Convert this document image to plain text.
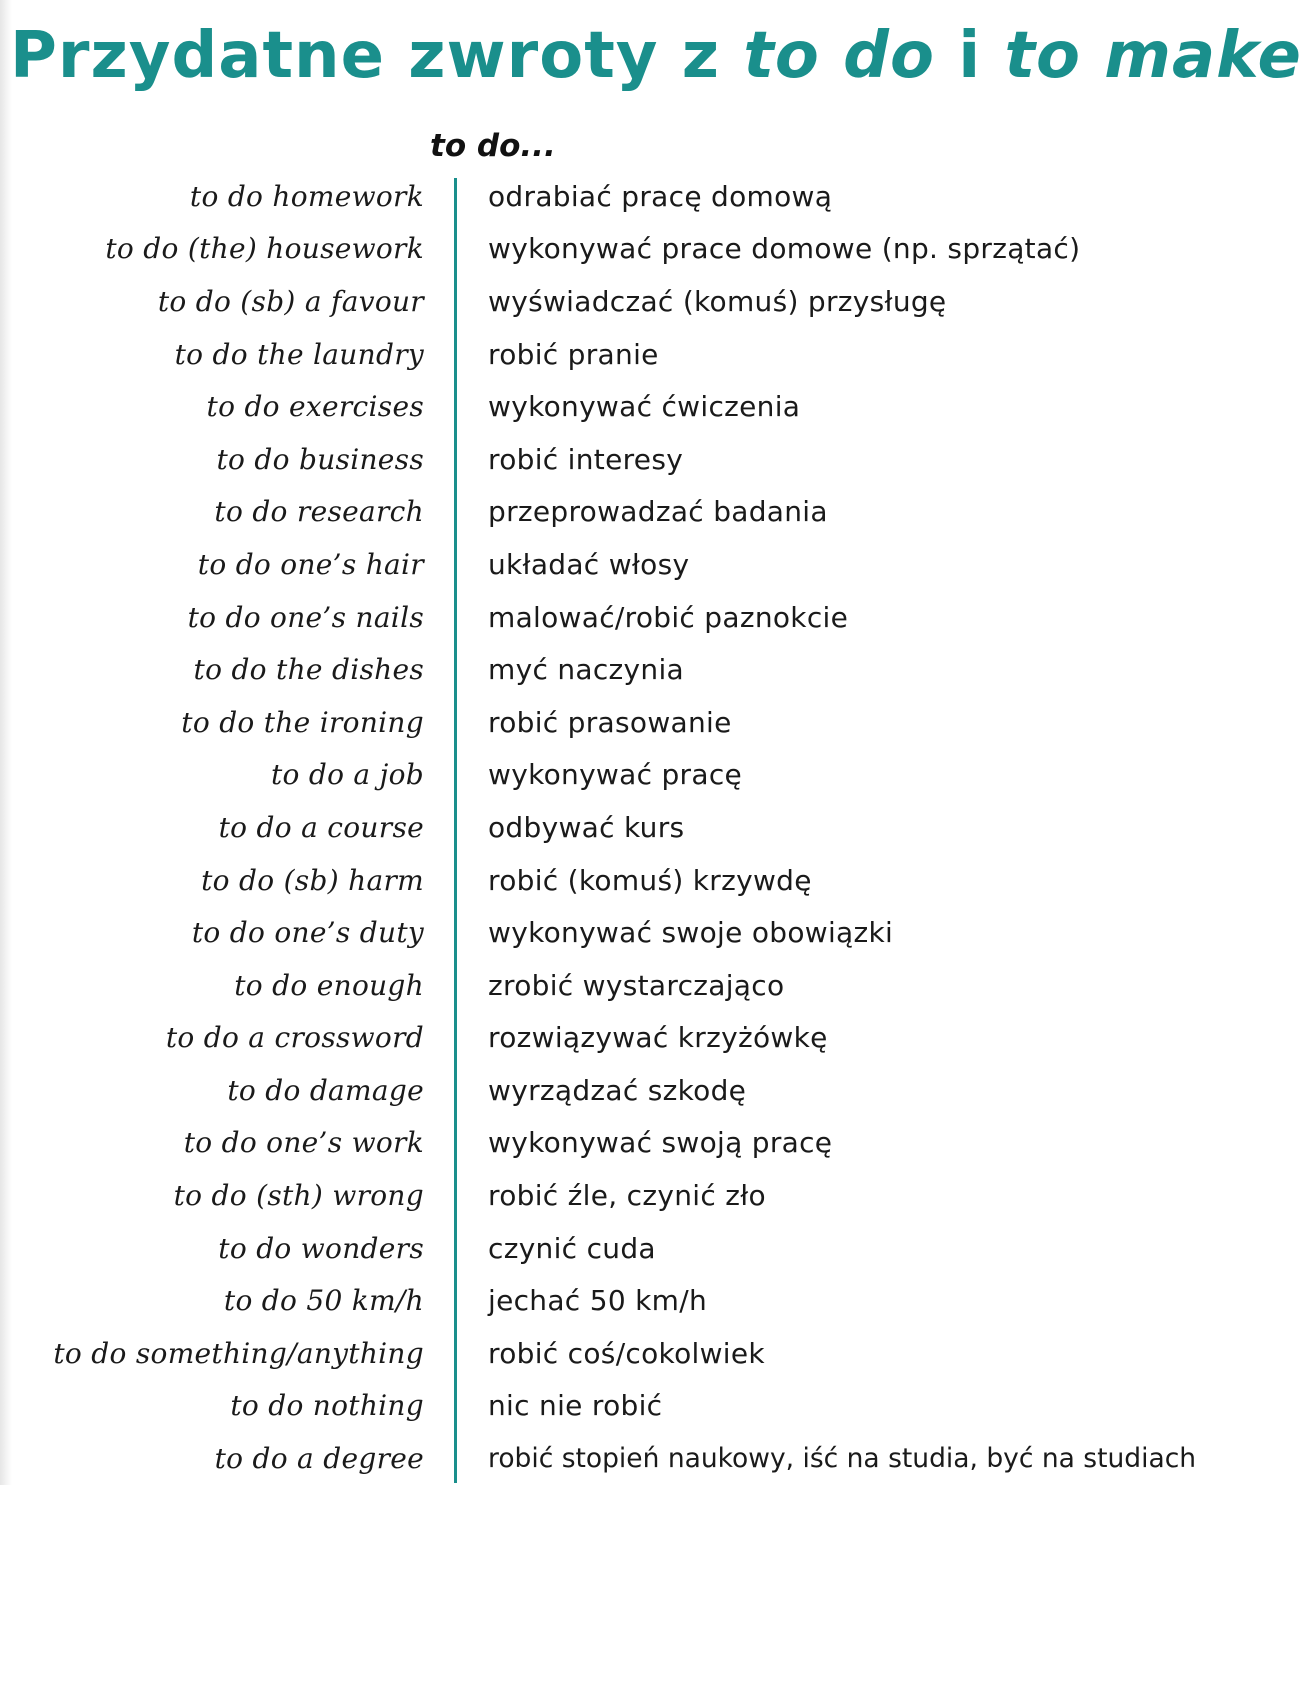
Przydatne zwroty z to do i to make
to do...
to do homework odrabiać pracę domową
to do (the) housework wykonywać prace domowe (np. sprzątać)
to do (sb) a favour wyświadczać (komuś) przysługę
to do the laundry robić pranie
to do exercises wykonywać ćwiczenia
to do business robić interesy
to do research przeprowadzać badania
to do one’s hair układać włosy
to do one’s nails malować/robić paznokcie
to do the dishes myć naczynia
to do the ironing robić prasowanie
to do a job wykonywać pracę
to do a course odbywać kurs
to do (sb) harm robić (komuś) krzywdę
to do one’s duty wykonywać swoje obowiązki
to do enough zrobić wystarczająco
to do a crossword rozwiązywać krzyżówkę
to do damage wyrządzać szkodę
to do one’s work wykonywać swoją pracę
to do (sth) wrong robić źle, czynić zło
to do wonders czynić cuda
to do 50 km/h jechać 50 km/h
to do something/anything robić coś/cokolwiek
to do nothing nic nie robić
to do a degree robić stopień naukowy, iść na studia, być na studiach
